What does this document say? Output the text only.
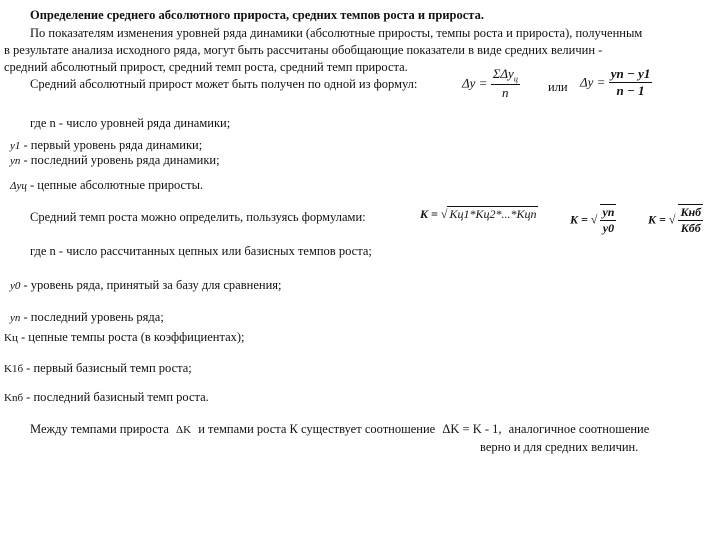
Определение среднего абсолютного прироста, средних темпов роста и прироста.
По показателям изменения уровней ряда динамики (абсолютные приросты, темпы роста и прироста), полученным
в результате анализа исходного ряда, могут быть рассчитаны обобщающие показатели в виде средних величин -
средний абсолютный прирост, средний темп роста, средний темп прироста.
Средний абсолютный прирост может быть получен по одной из формул:	$\Delta y = \frac{\Sigma\Delta y_ц}{n}$ или $\Delta y = \frac{yn - y1}{n - 1}$
где n - число уровней ряда динамики;
y1 - первый уровень ряда динамики;
yn - последний уровень ряда динамики;
Δyц - цепные абсолютные приросты.
Средний темп роста можно определить, пользуясь формулами:	K = √ Kц1*Kц2*...*Kцn	K = √ $\frac{yn}{y0}$	K = √ $\frac{\text{Kнб}}{\text{Kбб}}$
где n - число рассчитанных цепных или базисных темпов роста;
y0 - уровень ряда, принятый за базу для сравнения;
yn - последний уровень ряда;
Kц - цепные темпы роста (в коэффициентах);
K1б - первый базисный темп роста;
Knб - последний базисный темп роста.
Между темпами прироста ΔK и темпами роста К существует соотношение ΔK = K - 1, аналогичное соотношение
верно и для средних величин.
